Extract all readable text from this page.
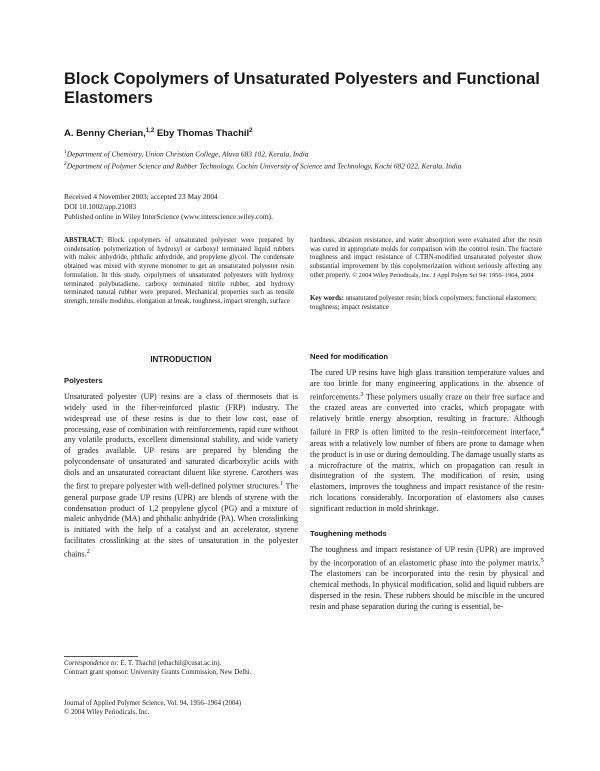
Block Copolymers of Unsaturated Polyesters and Functional Elastomers
A. Benny Cherian,$^{1,2}$ Eby Thomas Thachil$^2$
$^1$Department of Chemistry, Union Christian College, Aluva 683 102, Kerala, India
$^2$Department of Polymer Science and Rubber Technology, Cochin University of Science and Technology, Kochi 682 022, Kerala, India
Received 4 November 2003; accepted 23 May 2004
DOI 10.1002/app.21083
Published online in Wiley InterScience (www.interscience.wiley.com).
ABSTRACT: Block copolymers of unsaturated polyester were prepared by condensation polymerization of hydroxyl or carboxyl terminated liquid rubbers with maleic anhydride, phthalic anhydride, and propylene glycol. The condensate obtained was mixed with styrene monomer to get an unsaturated polyester resin formulation. In this study, copolymers of unsaturated polyesters with hydroxy terminated polybutadiene, carboxy terminated nitrile rubber, and hydroxy terminated natural rubber were prepared. Mechanical properties such as tensile strength, tensile modulus, elongation at break, toughness, impact strength, surface
hardness, abrasion resistance, and water absorption were evaluated after the resin was cured in appropriate molds for comparison with the control resin. The fracture toughness and impact resistance of CTBN-modified unsaturated polyester show substantial improvement by this copolymerization without seriously affecting any other property. © 2004 Wiley Periodicals, Inc. J Appl Polym Sci 94: 1956–1964, 2004
Key words: unsaturated polyester resin; block copolymers; functional elastomers; toughness; impact resistance
INTRODUCTION
Polyesters

Unsaturated polyester (UP) resins are a class of thermosets that is widely used in the fiber-reinforced plastic (FRP) industry. The widespread use of these resins is due to their low cost, ease of processing, ease of combination with reinforcements, rapid cure without any volatile products, excellent dimensional stability, and wide variety of grades available. UP resins are prepared by blending the polycondensate of unsaturated and saturated dicarboxylic acids with diols and an unsaturated coreactant diluent like styrene. Carothers was the first to prepare polyester with well-defined polymer structures.$^1$ The general purpose grade UP resins (UPR) are blends of styrene with the condensation product of 1,2 propylene glycol (PG) and a mixture of maleic anhydride (MA) and phthalic anhydride (PA). When crosslinking is initiated with the help of a catalyst and an accelerator, styrene facilitates crosslinking at the sites of unsaturation in the polyester chains.$^2$

Need for modification

The cured UP resins have high glass transition temperature values and are too brittle for many engineering applications in the absence of reinforcements.$^3$ These polymers usually craze on their free surface and the crazed areas are converted into cracks, which propagate with relatively brittle energy absorption, resulting in fracture. Although failure in FRP is often limited to the resin–reinforcement interface,$^4$ areas with a relatively low number of fibers are prone to damage when the product is in use or during demoulding. The damage usually starts as a microfracture of the matrix, which on propagation can result in disintegration of the system. The modification of resin, using elastomers, improves the toughness and impact resistance of the resin-rich locations considerably. Incorporation of elastomers also causes significant reduction in mold shrinkage.

Toughening methods

The toughness and impact resistance of UP resin (UPR) are improved by the incorporation of an elastomeric phase into the polymer matrix.$^5$ The elastomers can be incorporated into the resin by physical and chemical methods. In physical modification, solid and liquid rubbers are dispersed in the resin. These rubbers should be miscible in the uncured resin and phase separation during the curing is essential, be-

Correspondence to: E. T. Thachil (ethachil@cusat.ac.in).
Contract grant sponsor: University Grants Commission, New Delhi.
Journal of Applied Polymer Science, Vol. 94, 1956–1964 (2004)
© 2004 Wiley Periodicals, Inc.
